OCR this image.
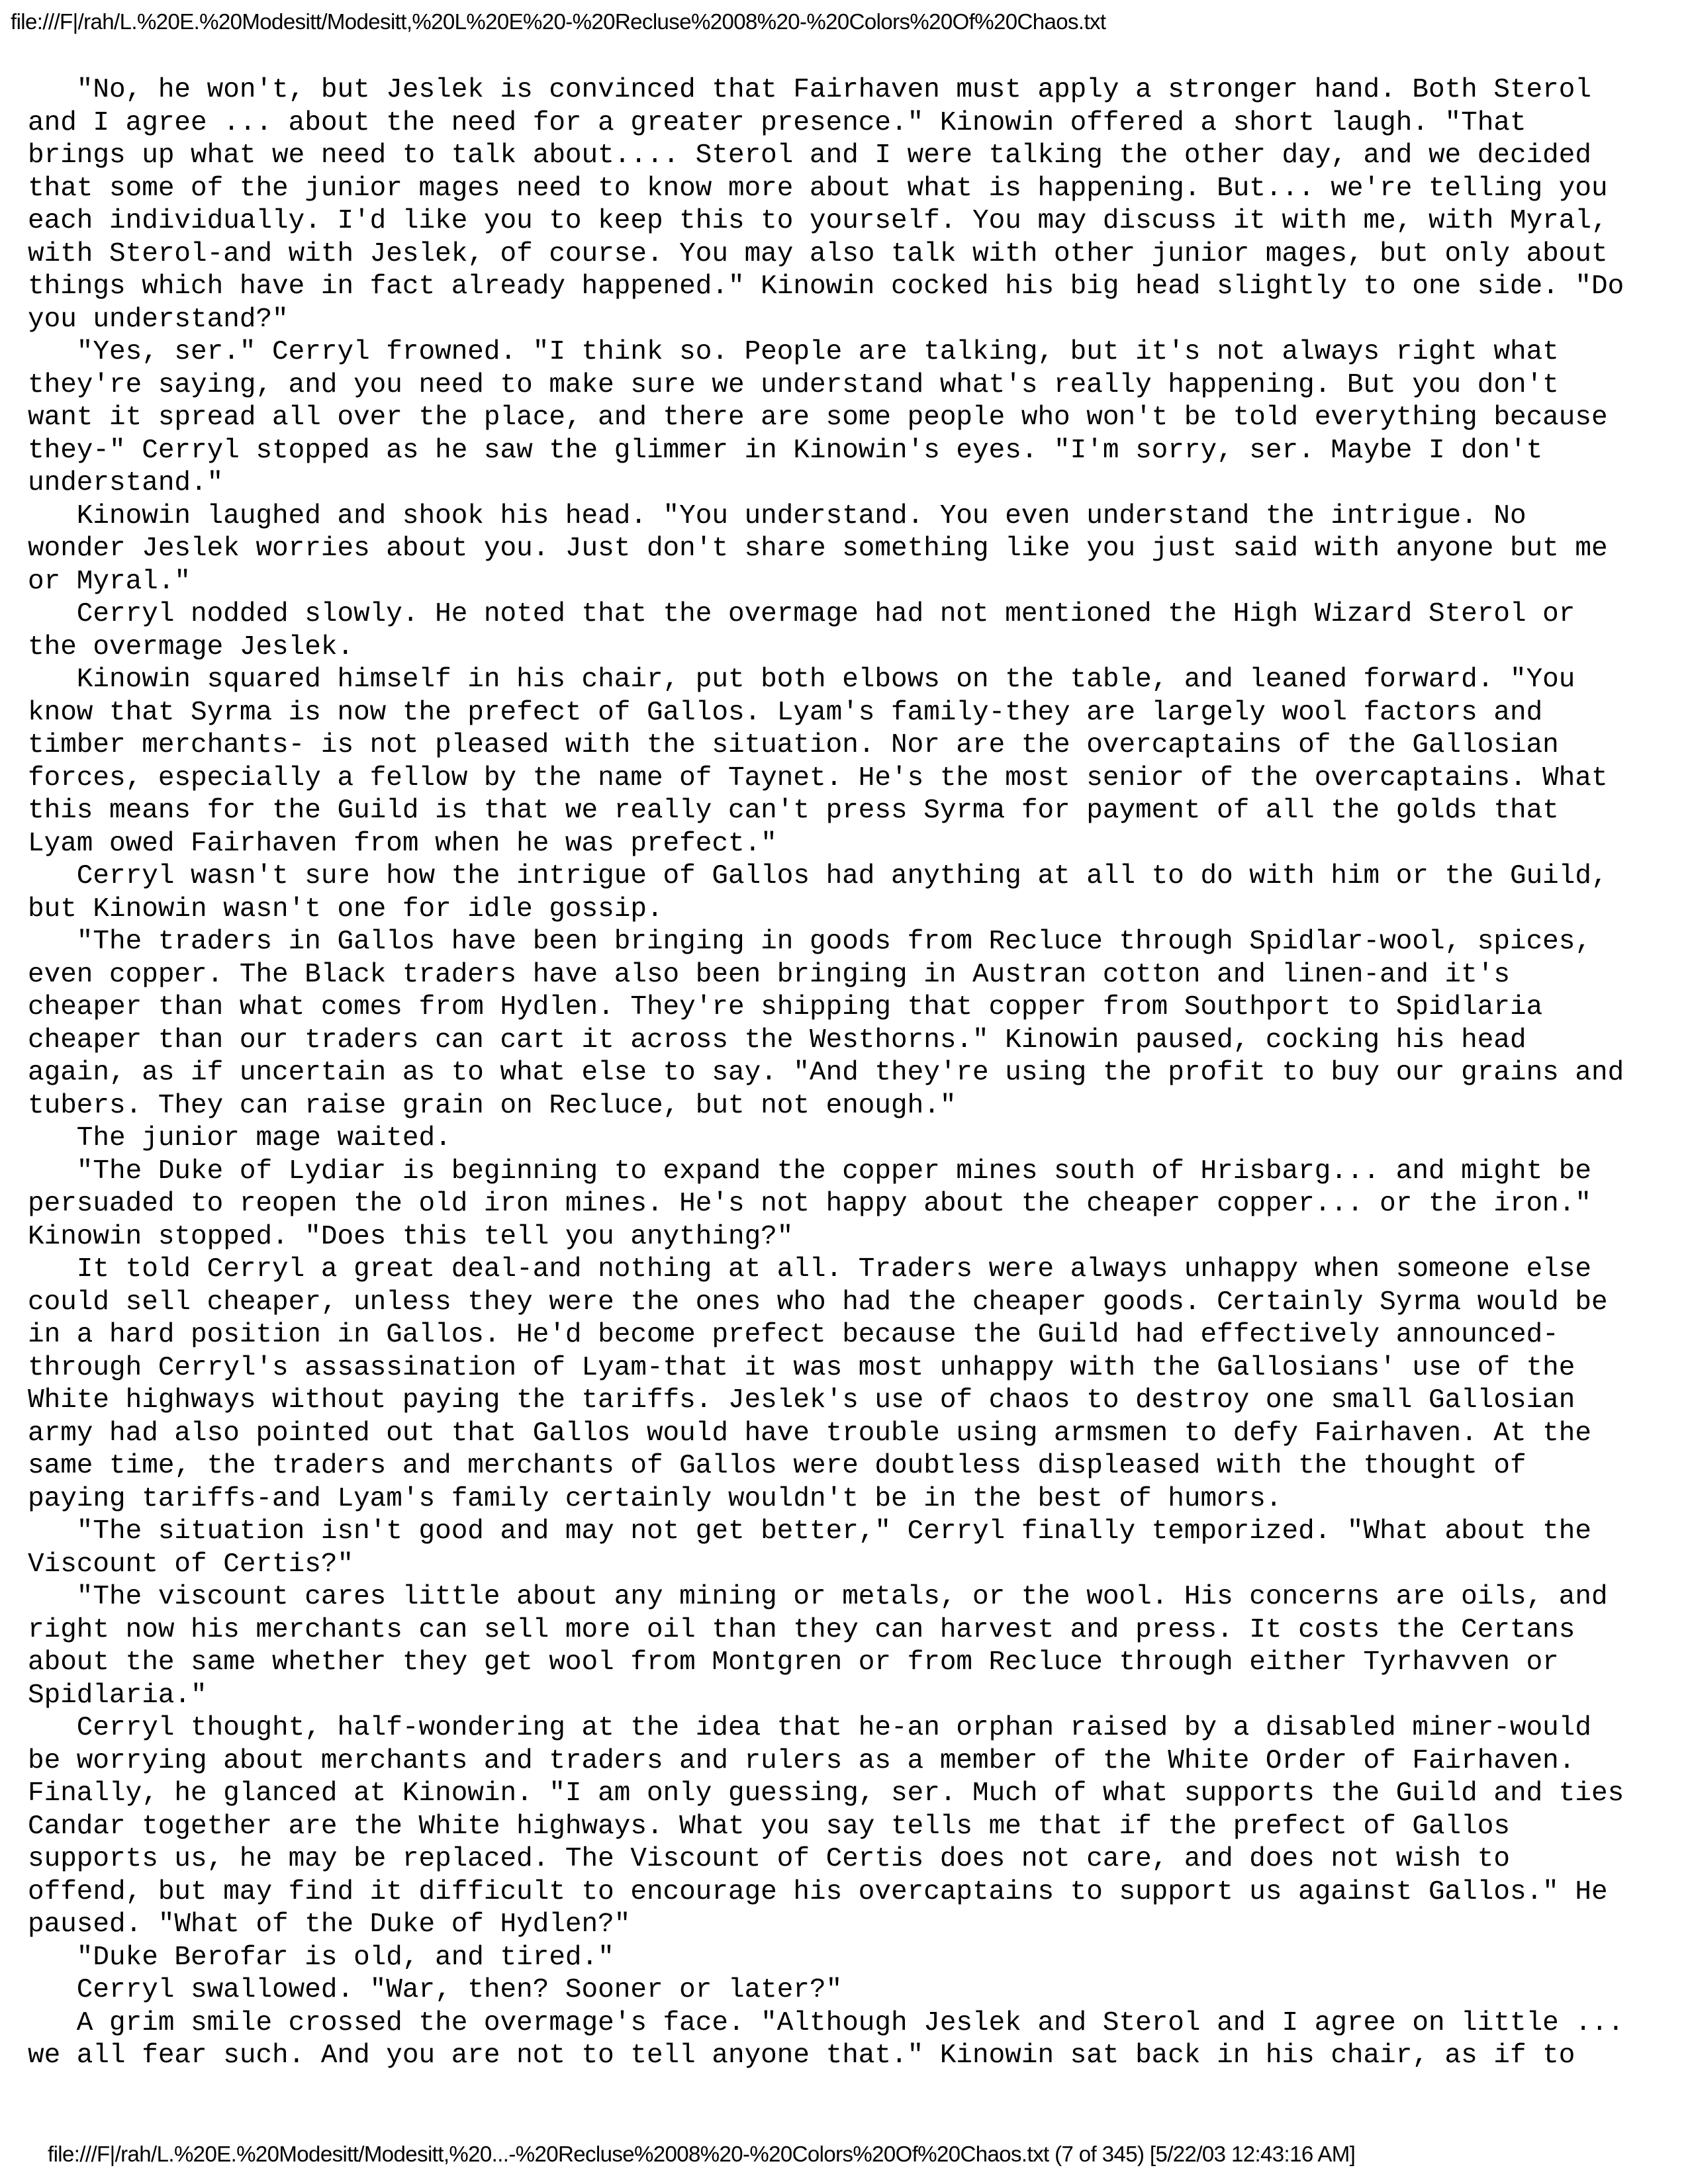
file:///F|/rah/L.%20E.%20Modesitt/Modesitt,%20L%20E%20-%20Recluse%2008%20-%20Colors%20Of%20Chaos.txt
"No, he won't, but Jeslek is convinced that Fairhaven must apply a stronger hand. Both Sterol
and I agree ... about the need for a greater presence." Kinowin offered a short laugh. "That
brings up what we need to talk about.... Sterol and I were talking the other day, and we decided
that some of the junior mages need to know more about what is happening. But... we're telling you
each individually. I'd like you to keep this to yourself. You may discuss it with me, with Myral,
with Sterol-and with Jeslek, of course. You may also talk with other junior mages, but only about
things which have in fact already happened." Kinowin cocked his big head slightly to one side. "Do
you understand?"
"Yes, ser." Cerryl frowned. "I think so. People are talking, but it's not always right what
they're saying, and you need to make sure we understand what's really happening. But you don't
want it spread all over the place, and there are some people who won't be told everything because
they-" Cerryl stopped as he saw the glimmer in Kinowin's eyes. "I'm sorry, ser. Maybe I don't
understand."
Kinowin laughed and shook his head. "You understand. You even understand the intrigue. No
wonder Jeslek worries about you. Just don't share something like you just said with anyone but me
or Myral."
Cerryl nodded slowly. He noted that the overmage had not mentioned the High Wizard Sterol or
the overmage Jeslek.
Kinowin squared himself in his chair, put both elbows on the table, and leaned forward. "You
know that Syrma is now the prefect of Gallos. Lyam's family-they are largely wool factors and
timber merchants- is not pleased with the situation. Nor are the overcaptains of the Gallosian
forces, especially a fellow by the name of Taynet. He's the most senior of the overcaptains. What
this means for the Guild is that we really can't press Syrma for payment of all the golds that
Lyam owed Fairhaven from when he was prefect."
Cerryl wasn't sure how the intrigue of Gallos had anything at all to do with him or the Guild,
but Kinowin wasn't one for idle gossip.
"The traders in Gallos have been bringing in goods from Recluce through Spidlar-wool, spices,
even copper. The Black traders have also been bringing in Austran cotton and linen-and it's
cheaper than what comes from Hydlen. They're shipping that copper from Southport to Spidlaria
cheaper than our traders can cart it across the Westhorns." Kinowin paused, cocking his head
again, as if uncertain as to what else to say. "And they're using the profit to buy our grains and
tubers. They can raise grain on Recluce, but not enough."
The junior mage waited.
"The Duke of Lydiar is beginning to expand the copper mines south of Hrisbarg... and might be
persuaded to reopen the old iron mines. He's not happy about the cheaper copper... or the iron."
Kinowin stopped. "Does this tell you anything?"
It told Cerryl a great deal-and nothing at all. Traders were always unhappy when someone else
could sell cheaper, unless they were the ones who had the cheaper goods. Certainly Syrma would be
in a hard position in Gallos. He'd become prefect because the Guild had effectively announced-
through Cerryl's assassination of Lyam-that it was most unhappy with the Gallosians' use of the
White highways without paying the tariffs. Jeslek's use of chaos to destroy one small Gallosian
army had also pointed out that Gallos would have trouble using armsmen to defy Fairhaven. At the
same time, the traders and merchants of Gallos were doubtless displeased with the thought of
paying tariffs-and Lyam's family certainly wouldn't be in the best of humors.
"The situation isn't good and may not get better," Cerryl finally temporized. "What about the
Viscount of Certis?"
"The viscount cares little about any mining or metals, or the wool. His concerns are oils, and
right now his merchants can sell more oil than they can harvest and press. It costs the Certans
about the same whether they get wool from Montgren or from Recluce through either Tyrhavven or
Spidlaria."
Cerryl thought, half-wondering at the idea that he-an orphan raised by a disabled miner-would
be worrying about merchants and traders and rulers as a member of the White Order of Fairhaven.
Finally, he glanced at Kinowin. "I am only guessing, ser. Much of what supports the Guild and ties
Candar together are the White highways. What you say tells me that if the prefect of Gallos
supports us, he may be replaced. The Viscount of Certis does not care, and does not wish to
offend, but may find it difficult to encourage his overcaptains to support us against Gallos." He
paused. "What of the Duke of Hydlen?"
"Duke Berofar is old, and tired."
Cerryl swallowed. "War, then? Sooner or later?"
A grim smile crossed the overmage's face. "Although Jeslek and Sterol and I agree on little ...
we all fear such. And you are not to tell anyone that." Kinowin sat back in his chair, as if to
file:///F|/rah/L.%20E.%20Modesitt/Modesitt,%20...-%20Recluse%2008%20-%20Colors%20Of%20Chaos.txt (7 of 345) [5/22/03 12:43:16 AM]
